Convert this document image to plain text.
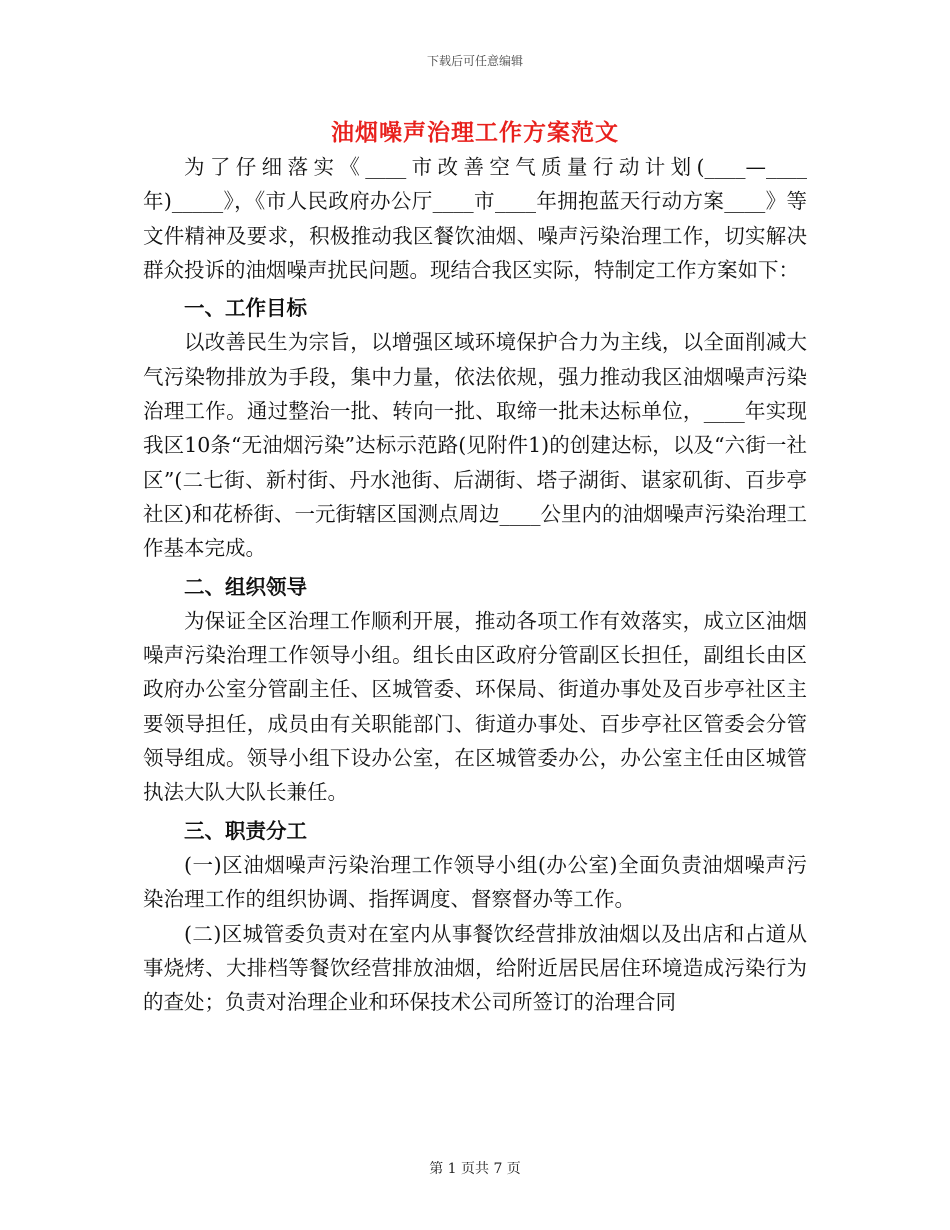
下载后可任意编辑
油烟噪声治理工作方案范文

为了仔细落实《____市改善空气质量行动计划(____—____年)_____》，《市人民政府办公厅____市____年拥抱蓝天行动方案____》等文件精神及要求，积极推动我区餐饮油烟、噪声污染治理工作，切实解决群众投诉的油烟噪声扰民问题。现结合我区实际，特制定工作方案如下：

一、工作目标

以改善民生为宗旨，以增强区域环境保护合力为主线，以全面削减大气污染物排放为手段，集中力量，依法依规，强力推动我区油烟噪声污染治理工作。通过整治一批、转向一批、取缔一批未达标单位，____年实现我区10条“无油烟污染”达标示范路(见附件1)的创建达标，以及“六街一社区”(二七街、新村街、丹水池街、后湖街、塔子湖街、谌家矶街、百步亭社区)和花桥街、一元街辖区国测点周边____公里内的油烟噪声污染治理工作基本完成。

二、组织领导

为保证全区治理工作顺利开展，推动各项工作有效落实，成立区油烟噪声污染治理工作领导小组。组长由区政府分管副区长担任，副组长由区政府办公室分管副主任、区城管委、环保局、街道办事处及百步亭社区主要领导担任，成员由有关职能部门、街道办事处、百步亭社区管委会分管领导组成。领导小组下设办公室，在区城管委办公，办公室主任由区城管执法大队大队长兼任。

三、职责分工

(一)区油烟噪声污染治理工作领导小组(办公室)全面负责油烟噪声污染治理工作的组织协调、指挥调度、督察督办等工作。

(二)区城管委负责对在室内从事餐饮经营排放油烟以及出店和占道从事烧烤、大排档等餐饮经营排放油烟，给附近居民居住环境造成污染行为的查处；负责对治理企业和环保技术公司所签订的治理合同

第 1 页共 7 页
